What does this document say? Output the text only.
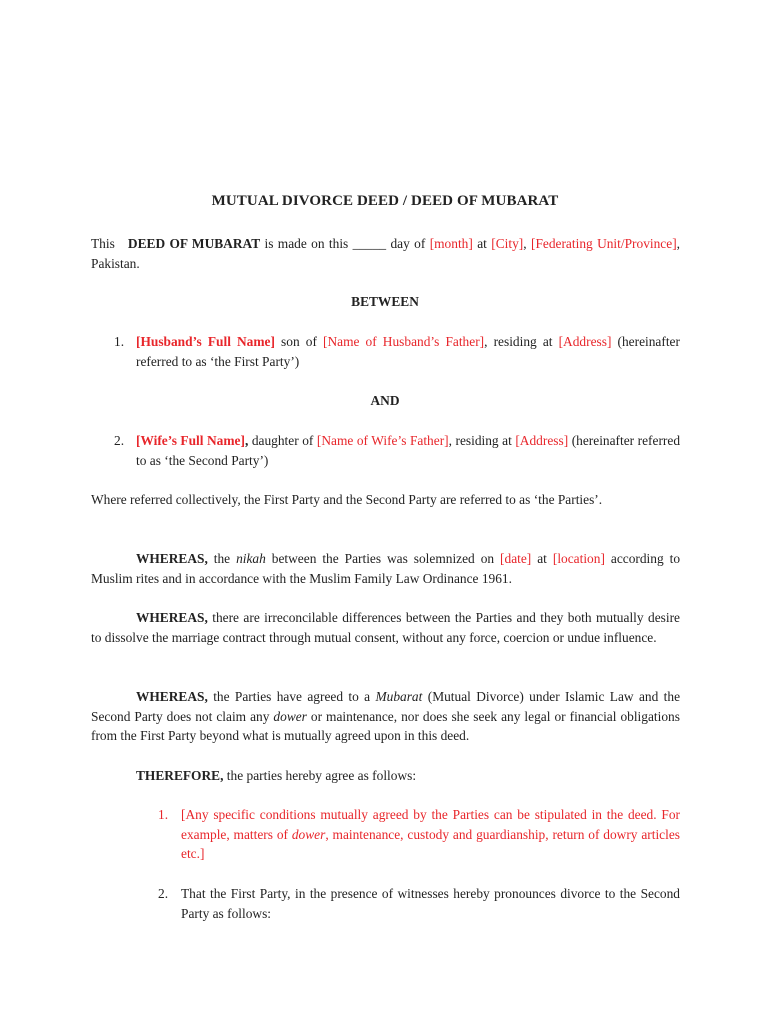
MUTUAL DIVORCE DEED / DEED OF MUBARAT
This DEED OF MUBARAT is made on this _____ day of [month] at [City], [Federating Unit/Province], Pakistan.
BETWEEN
1. [Husband’s Full Name] son of [Name of Husband’s Father], residing at [Address] (hereinafter referred to as ‘the First Party’)
AND
2. [Wife’s Full Name], daughter of [Name of Wife’s Father], residing at [Address] (hereinafter referred to as ‘the Second Party’)
Where referred collectively, the First Party and the Second Party are referred to as ‘the Parties’.
WHEREAS, the nikah between the Parties was solemnized on [date] at [location] according to Muslim rites and in accordance with the Muslim Family Law Ordinance 1961.
WHEREAS, there are irreconcilable differences between the Parties and they both mutually desire to dissolve the marriage contract through mutual consent, without any force, coercion or undue influence.
WHEREAS, the Parties have agreed to a Mubarat (Mutual Divorce) under Islamic Law and the Second Party does not claim any dower or maintenance, nor does she seek any legal or financial obligations from the First Party beyond what is mutually agreed upon in this deed.
THEREFORE, the parties hereby agree as follows:
1. [Any specific conditions mutually agreed by the Parties can be stipulated in the deed. For example, matters of dower, maintenance, custody and guardianship, return of dowry articles etc.]
2. That the First Party, in the presence of witnesses hereby pronounces divorce to the Second Party as follows:
